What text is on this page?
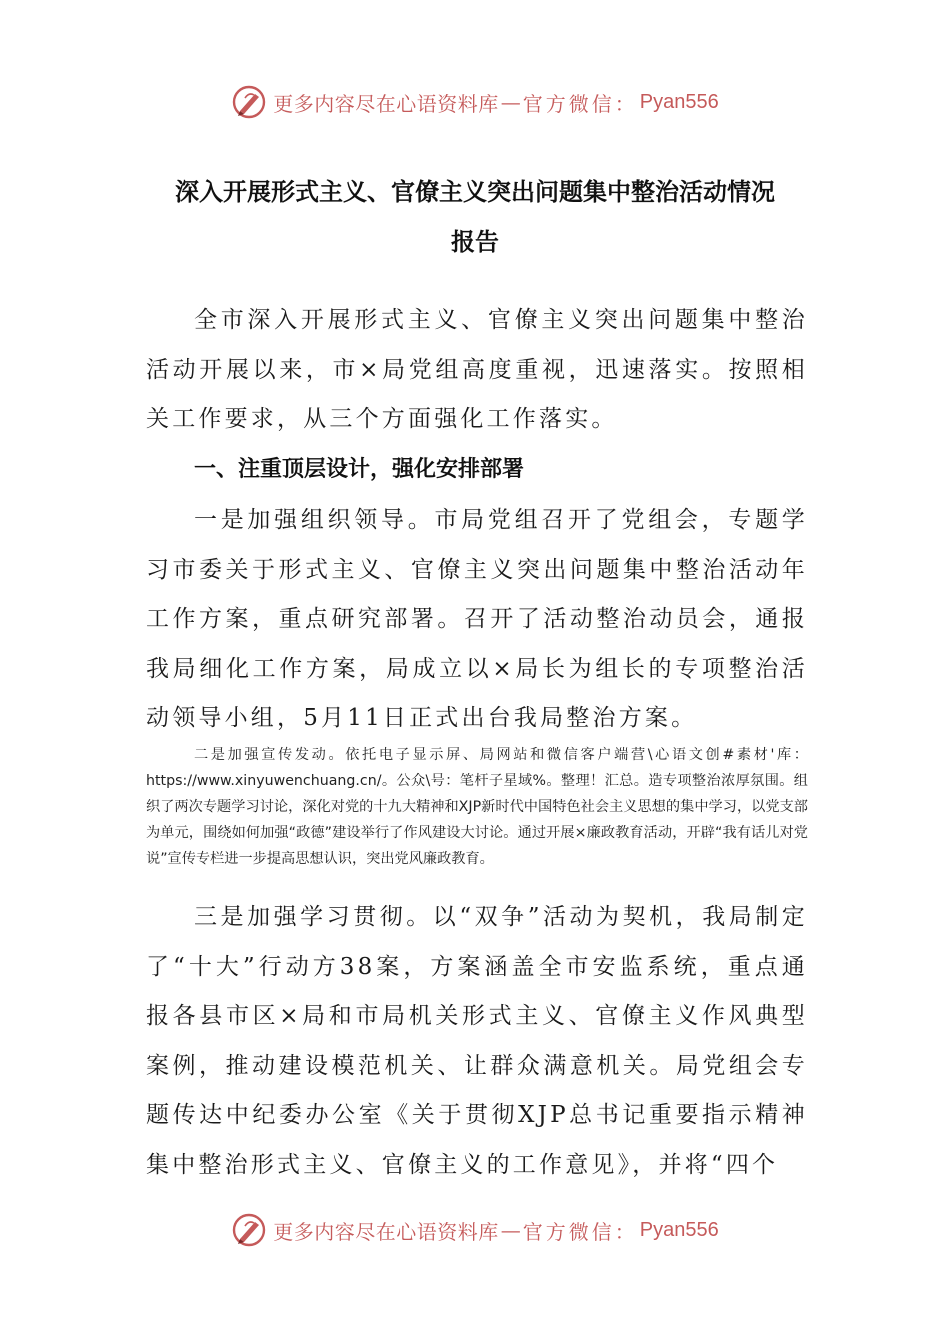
更多内容尽在心语资料库 — 官方微信： Pyan556
深入开展形式主义、官僚主义突出问题集中整治活动情况
报告

全市深入开展形式主义、官僚主义突出问题集中整治活动开展以来，市×局党组高度重视，迅速落实。按照相关工作要求，从三个方面强化工作落实。

一、注重顶层设计，强化安排部署

一是加强组织领导。市局党组召开了党组会，专题学习市委关于形式主义、官僚主义突出问题集中整治活动年工作方案，重点研究部署。召开了活动整治动员会，通报我局细化工作方案，局成立以×局长为组长的专项整治活动领导小组，5月11日正式出台我局整治方案。

二是加强宣传发动。依托电子显示屏、局网站和微信客户端营\心语文创#素材'库：https://www.xinyuwenchuang.cn/。公众\号：笔杆子星域%。整理！汇总。造专项整治浓厚氛围。组织了两次专题学习讨论，深化对党的十九大精神和XJP新时代中国特色社会主义思想的集中学习，以党支部为单元，围绕如何加强“政德”建设举行了作风建设大讨论。通过开展×廉政教育活动，开辟“我有话儿对党说”宣传专栏进一步提高思想认识，突出党风廉政教育。

三是加强学习贯彻。以“双争”活动为契机，我局制定了“十大”行动方38案，方案涵盖全市安监系统，重点通报各县市区×局和市局机关形式主义、官僚主义作风典型案例，推动建设模范机关、让群众满意机关。局党组会专题传达中纪委办公室《关于贯彻XJP总书记重要指示精神集中整治形式主义、官僚主义的工作意见》，并将“四个

更多内容尽在心语资料库 — 官方微信： Pyan556
